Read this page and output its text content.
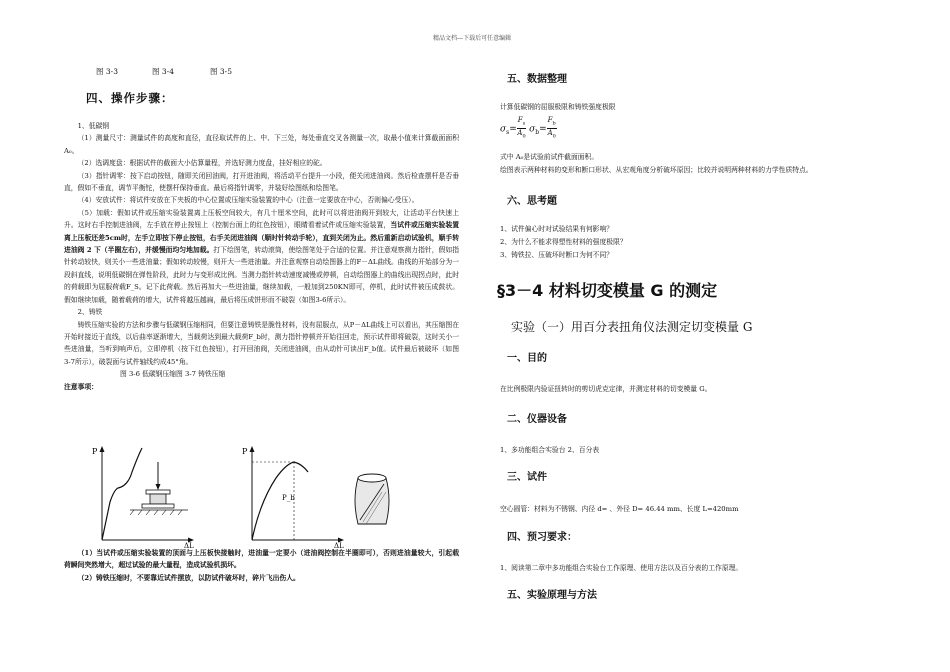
精品文档---下载后可任意编辑
图 3-3	图 3-4	图 3-5
四、操作步骤：

1、低碳钢

（1）测量尺寸：测量试件的高度和直径，直径取试件的上、中、下三处，每处垂直交叉各测量一次，取最小值来计算截面面积A₀。

（2）选调度盘：根据试件的截面大小估算量程，并选好测力度盘，挂好相应的砣。

（3）指针调零：按下启动按钮，随即关闭回油阀，打开进油阀，将活动平台提升一小段，便关闭进油阀。然后检查摆杆是否垂直，假如不垂直，调节平衡铊，使摆杆保持垂直。最后将指针调零，并装好绘图纸和绘图笔。

（4）安放试件：将试件安放在下夹板的中心位置或压缩实验装置的中心（注意一定要放在中心，否则偏心受压）。

（5）加载：假如试件或压缩实验装置离上压板空间较大，有几十厘米空间，此时可以将进油阀开到较大，让活动平台快速上升。这时右手控制进油阀，左手放在停止按钮上（控制台面上的红色按钮），眼睛看着试件或压缩实验装置，当试件或压缩实验装置离上压板还差5cm时，左手立即按下停止按钮，右手关闭进油阀（顺时针转动手轮），直到关闭为止。然后重新启动试验机，顺手转进油阀 2 下（半圈左右），并缓慢而均匀地加载。打下绘图笔，转动滚筒，使绘图笔处于合适的位置。并注意观察测力指针，假如指针转动较快，则关小一些进油量；假如转动较慢，则开大一些进油量。并注意观察自动绘图器上的F－ΔL曲线。曲线的开始部分为一段斜直线，说明低碳钢在弹性阶段，此时力与变形成比例。当测力指针转动速度减慢或停顿，自动绘图器上的曲线出现拐点时，此时的荷载即为屈服荷载F_S。记下此荷载。然后再加大一些进油量，继续加载，一般加到250KN即可，停机，此时试件被压成鼓状。假如继续加载，随着载荷的增大，试件将越压越扁，最后将压成饼形而不破裂（如图3-6所示）。

2、铸铁

铸铁压缩实验的方法和步骤与低碳钢压缩相同，但要注意铸铁是脆性材料，没有屈服点，从P－ΔL曲线上可以看出，其压缩图在开始时接近于直线，以后曲率逐渐增大，当载荷达到最大载荷F_b时，测力指针停顿并开始往回走，预示试件即将破裂，这时关小一些进油量，当听到响声后，立即停机（按下红色按钮），打开回油阀，关闭进油阀，由从动针可读出F_b值。试件最后被破坏（如图3-7所示），破裂面与试件轴线约成45°角。

图 3-6 低碳钢压缩图 3-7 铸铁压缩

注意事项：

P
ΔL
P
P_b
ΔL

（1）当试件或压缩实验装置的顶面与上压板快接触时，进油量一定要小（进油阀控制在半圈即可），否则进油量较大，引起载荷瞬间突然增大，超过试验的最大量程，造成试验机损坏。

（2）铸铁压缩时，不要靠近试件摆放，以防试件破坏时，碎片飞出伤人。

五、数据整理
计算低碳钢的屈服极限和铸铁强度极限
$\sigma_s= \frac{F_s}{A_0} \sigma_b= \frac{F_b}{A_0}$
式中 A₀是试验前试件截面面积。
绘图表示两种材料的变形和断口形状、从宏观角度分析破坏原因；比较并说明两种材料的力学性质特点。
六、思考题
1、试件偏心时对试验结果有何影响？
2、为什么不能求得塑性材料的强度极限？
3、铸铁拉、压破坏时断口为何不同？
§3－4 材料切变模量 G 的测定
实验（一）用百分表扭角仪法测定切变模量 G
一、目的
在比例极限内验证扭转时的剪切虎克定律，并测定材料的切变模量 G。
二、仪器设备
1、多功能组合实验台 2、百分表
三、试件
空心圆管：材料为不锈钢、内径 d= 、外径 D= 46.44 mm、长度 L=420mm
四、预习要求：
1、阅读第二章中多功能组合实验台工作原理、使用方法以及百分表的工作原理。
五、实验原理与方法
